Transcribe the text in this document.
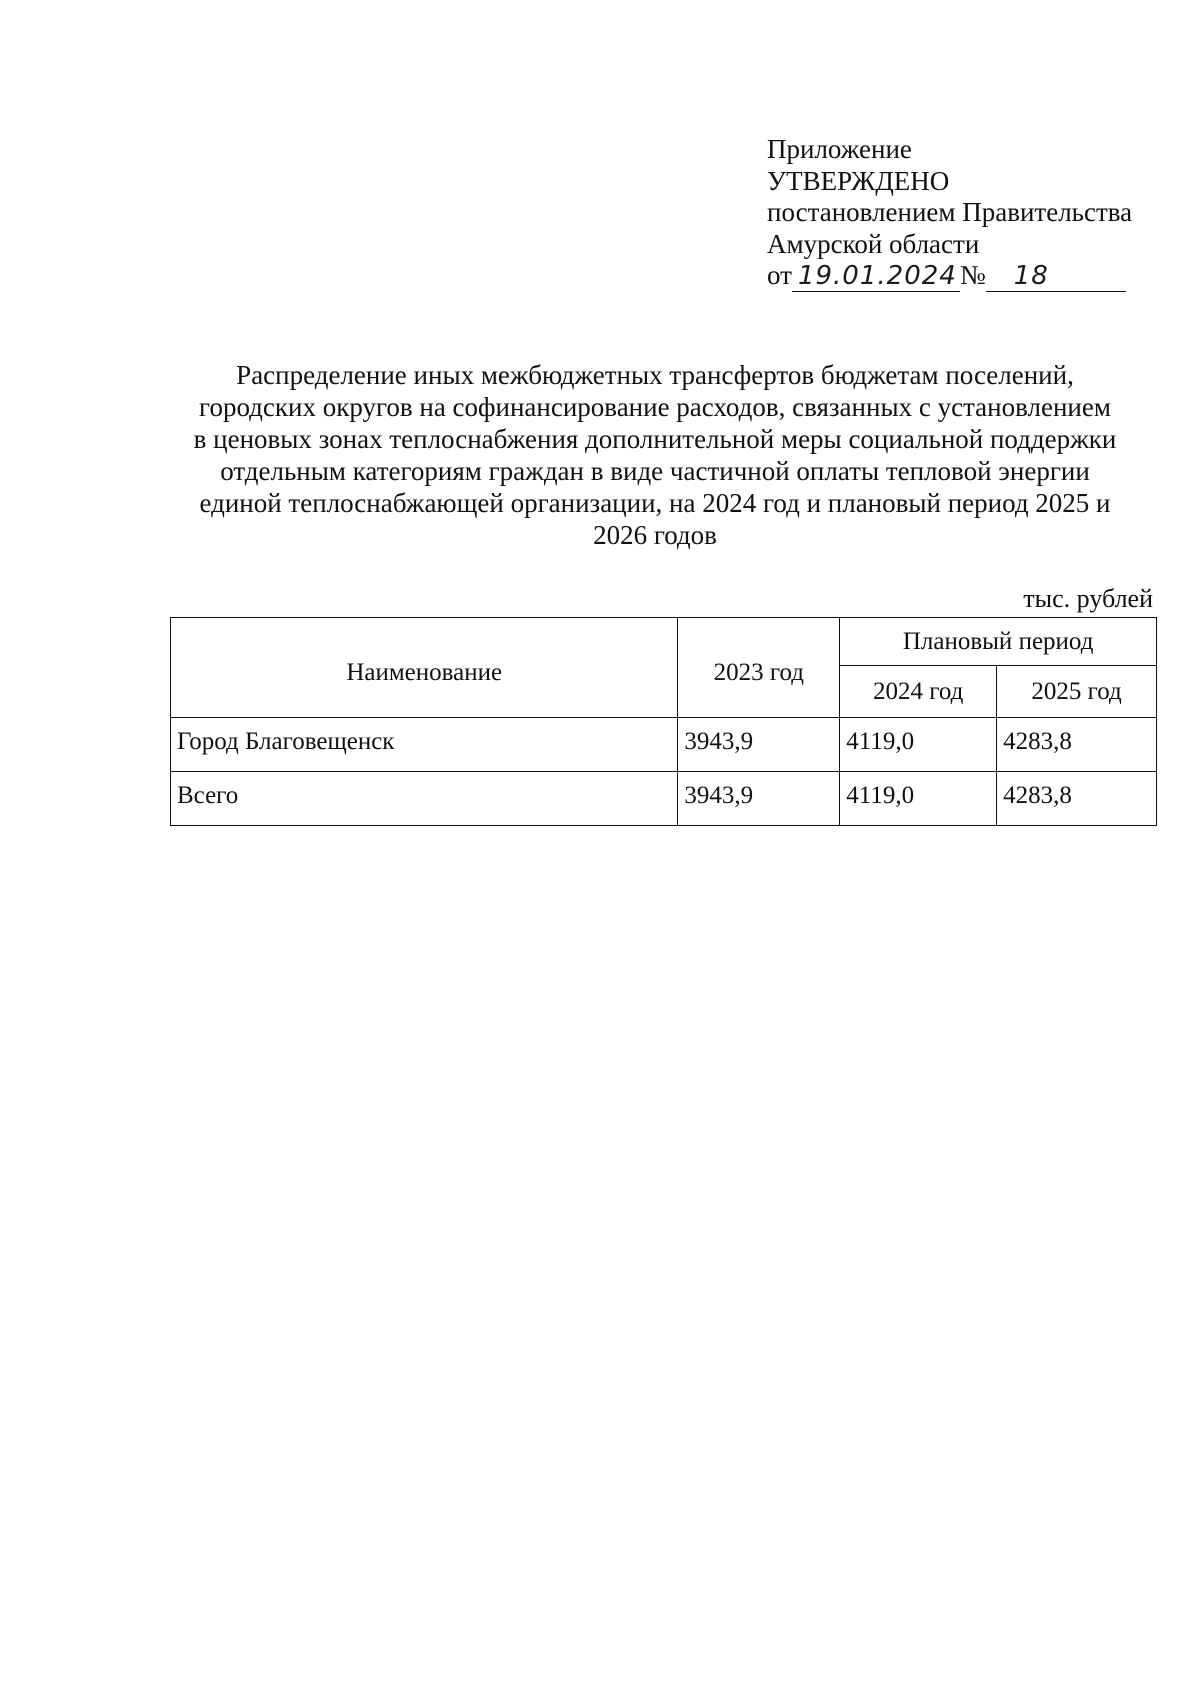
Приложение
УТВЕРЖДЕНО
постановлением Правительства
Амурской области
от 19.01.2024 №	18
Распределение иных межбюджетных трансфертов бюджетам поселений,
городских округов на софинансирование расходов, связанных с установлением
в ценовых зонах теплоснабжения дополнительной меры социальной поддержки
отдельным категориям граждан в виде частичной оплаты тепловой энергии
единой теплоснабжающей организации, на 2024 год и плановый период 2025 и
2026 годов
тыс. рублей
Наименование	2023 год	Плановый период	
		2024 год	2025 год
Город Благовещенск	3943,9	4119,0	4283,8
Всего	3943,9	4119,0	4283,8
